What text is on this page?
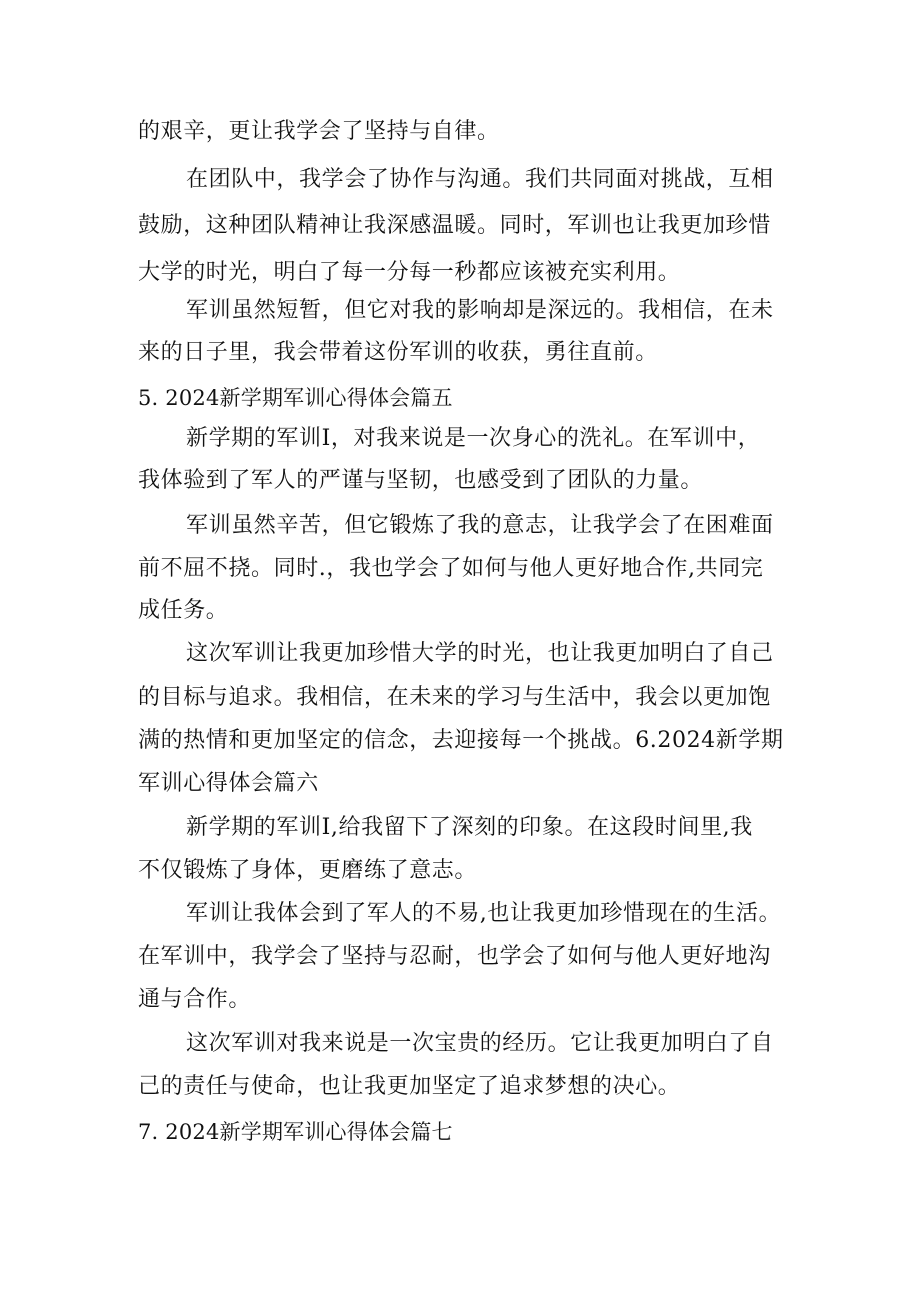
的艰辛，更让我学会了坚持与自律。
在团队中，我学会了协作与沟通。我们共同面对挑战，互相
鼓励，这种团队精神让我深感温暖。同时，军训也让我更加珍惜
大学的时光，明白了每一分每一秒都应该被充实利用。
军训虽然短暂，但它对我的影响却是深远的。我相信，在未
来的日子里，我会带着这份军训的收获，勇往直前。
5. 2024新学期军训心得体会篇五
新学期的军训I，对我来说是一次身心的洗礼。在军训中，
我体验到了军人的严谨与坚韧，也感受到了团队的力量。
军训虽然辛苦，但它锻炼了我的意志，让我学会了在困难面
前不屈不挠。同时.，我也学会了如何与他人更好地合作,共同完
成任务。
这次军训让我更加珍惜大学的时光，也让我更加明白了自己
的目标与追求。我相信，在未来的学习与生活中，我会以更加饱
满的热情和更加坚定的信念，去迎接每一个挑战。6.2024新学期
军训心得体会篇六
新学期的军训I,给我留下了深刻的印象。在这段时间里,我
不仅锻炼了身体，更磨练了意志。
军训让我体会到了军人的不易,也让我更加珍惜现在的生活。
在军训中，我学会了坚持与忍耐，也学会了如何与他人更好地沟
通与合作。
这次军训对我来说是一次宝贵的经历。它让我更加明白了自
己的责任与使命，也让我更加坚定了追求梦想的决心。
7. 2024新学期军训心得体会篇七
